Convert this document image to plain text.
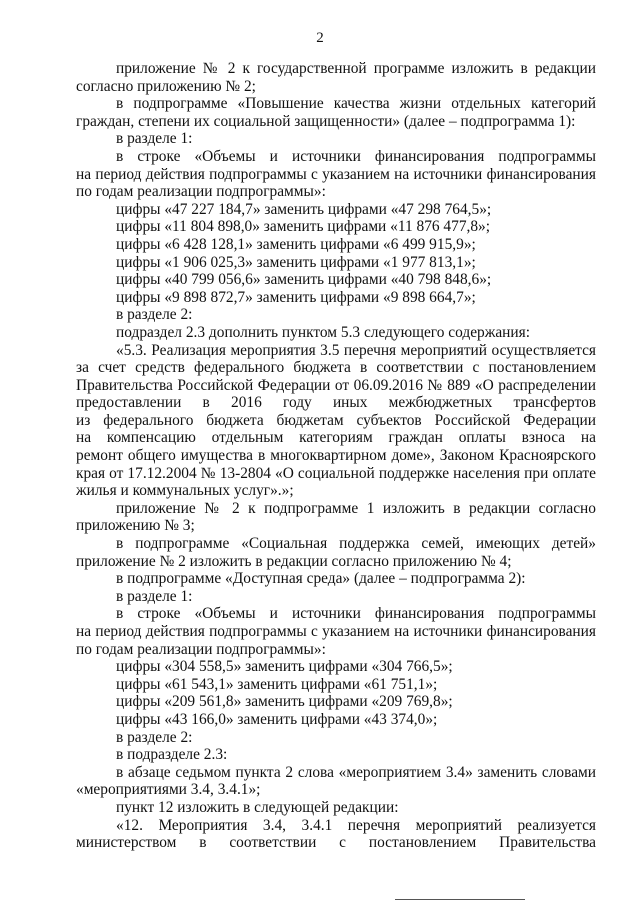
2
приложение № 2 к государственной программе изложить в редакции
согласно приложению № 2;
в подпрограмме «Повышение качества жизни отдельных категорий
граждан, степени их социальной защищенности» (далее – подпрограмма 1):
в разделе 1:
в строке «Объемы и источники финансирования подпрограммы
на период действия подпрограммы с указанием на источники финансирования
по годам реализации подпрограммы»:
цифры «47 227 184,7» заменить цифрами «47 298 764,5»;
цифры «11 804 898,0» заменить цифрами «11 876 477,8»;
цифры «6 428 128,1» заменить цифрами «6 499 915,9»;
цифры «1 906 025,3» заменить цифрами «1 977 813,1»;
цифры «40 799 056,6» заменить цифрами «40 798 848,6»;
цифры «9 898 872,7» заменить цифрами «9 898 664,7»;
в разделе 2:
подраздел 2.3 дополнить пунктом 5.3 следующего содержания:
«5.3. Реализация мероприятия 3.5 перечня мероприятий осуществляется
за счет средств федерального бюджета в соответствии с постановлением
Правительства Российской Федерации от 06.09.2016 № 889 «О распределении
предоставлении в 2016 году иных межбюджетных трансфертов
из федерального бюджета бюджетам субъектов Российской Федерации
на компенсацию отдельным категориям граждан оплаты взноса на
ремонт общего имущества в многоквартирном доме», Законом Красноярского
края от 17.12.2004 № 13-2804 «О социальной поддержке населения при оплате
жилья и коммунальных услуг».»;
приложение № 2 к подпрограмме 1 изложить в редакции согласно
приложению № 3;
в подпрограмме «Социальная поддержка семей, имеющих детей»
приложение № 2 изложить в редакции согласно приложению № 4;
в подпрограмме «Доступная среда» (далее – подпрограмма 2):
в разделе 1:
в строке «Объемы и источники финансирования подпрограммы
на период действия подпрограммы с указанием на источники финансирования
по годам реализации подпрограммы»:
цифры «304 558,5» заменить цифрами «304 766,5»;
цифры «61 543,1» заменить цифрами «61 751,1»;
цифры «209 561,8» заменить цифрами «209 769,8»;
цифры «43 166,0» заменить цифрами «43 374,0»;
в разделе 2:
в подразделе 2.3:
в абзаце седьмом пункта 2 слова «мероприятием 3.4» заменить словами
«мероприятиями 3.4, 3.4.1»;
пункт 12 изложить в следующей редакции:
«12. Мероприятия 3.4, 3.4.1 перечня мероприятий реализуется
министерством в соответствии с постановлением Правительства
